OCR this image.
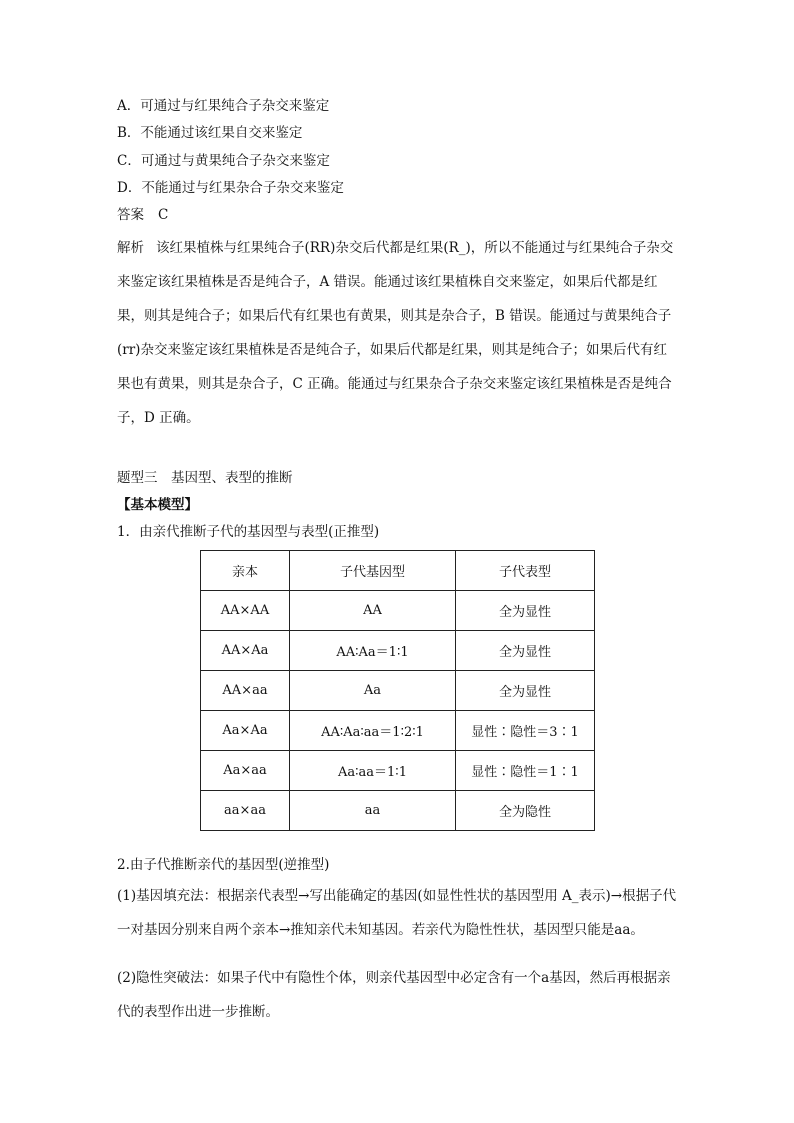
A．可通过与红果纯合子杂交来鉴定
B．不能通过该红果自交来鉴定
C．可通过与黄果纯合子杂交来鉴定
D．不能通过与红果杂合子杂交来鉴定
答案 C
解析 该红果植株与红果纯合子(RR)杂交后代都是红果(R_)，所以不能通过与红果纯合子杂交来鉴定该红果植株是否是纯合子，A 错误。能通过该红果植株自交来鉴定，如果后代都是红果，则其是纯合子；如果后代有红果也有黄果，则其是杂合子，B 错误。能通过与黄果纯合子(rr)杂交来鉴定该红果植株是否是纯合子，如果后代都是红果，则其是纯合子；如果后代有红果也有黄果，则其是杂合子，C 正确。能通过与红果杂合子杂交来鉴定该红果植株是否是纯合子，D 正确。
题型三　基因型、表型的推断
【基本模型】
1．由亲代推断子代的基因型与表型(正推型)
亲本	子代基因型	子代表型
AA×AA	AA	全为显性
AA×Aa	AA∶Aa＝1∶1	全为显性
AA×aa	Aa	全为显性
Aa×Aa	AA∶Aa∶aa＝1∶2∶1	显性∶隐性＝3∶1
Aa×aa	Aa∶aa＝1∶1	显性∶隐性＝1∶1
aa×aa	aa	全为隐性
2.由子代推断亲代的基因型(逆推型)
(1)基因填充法：根据亲代表型→写出能确定的基因(如显性性状的基因型用 A_表示)→根据子代一对基因分别来自两个亲本→推知亲代未知基因。若亲代为隐性性状，基因型只能是aa。
(2)隐性突破法：如果子代中有隐性个体，则亲代基因型中必定含有一个a基因，然后再根据亲代的表型作出进一步推断。
